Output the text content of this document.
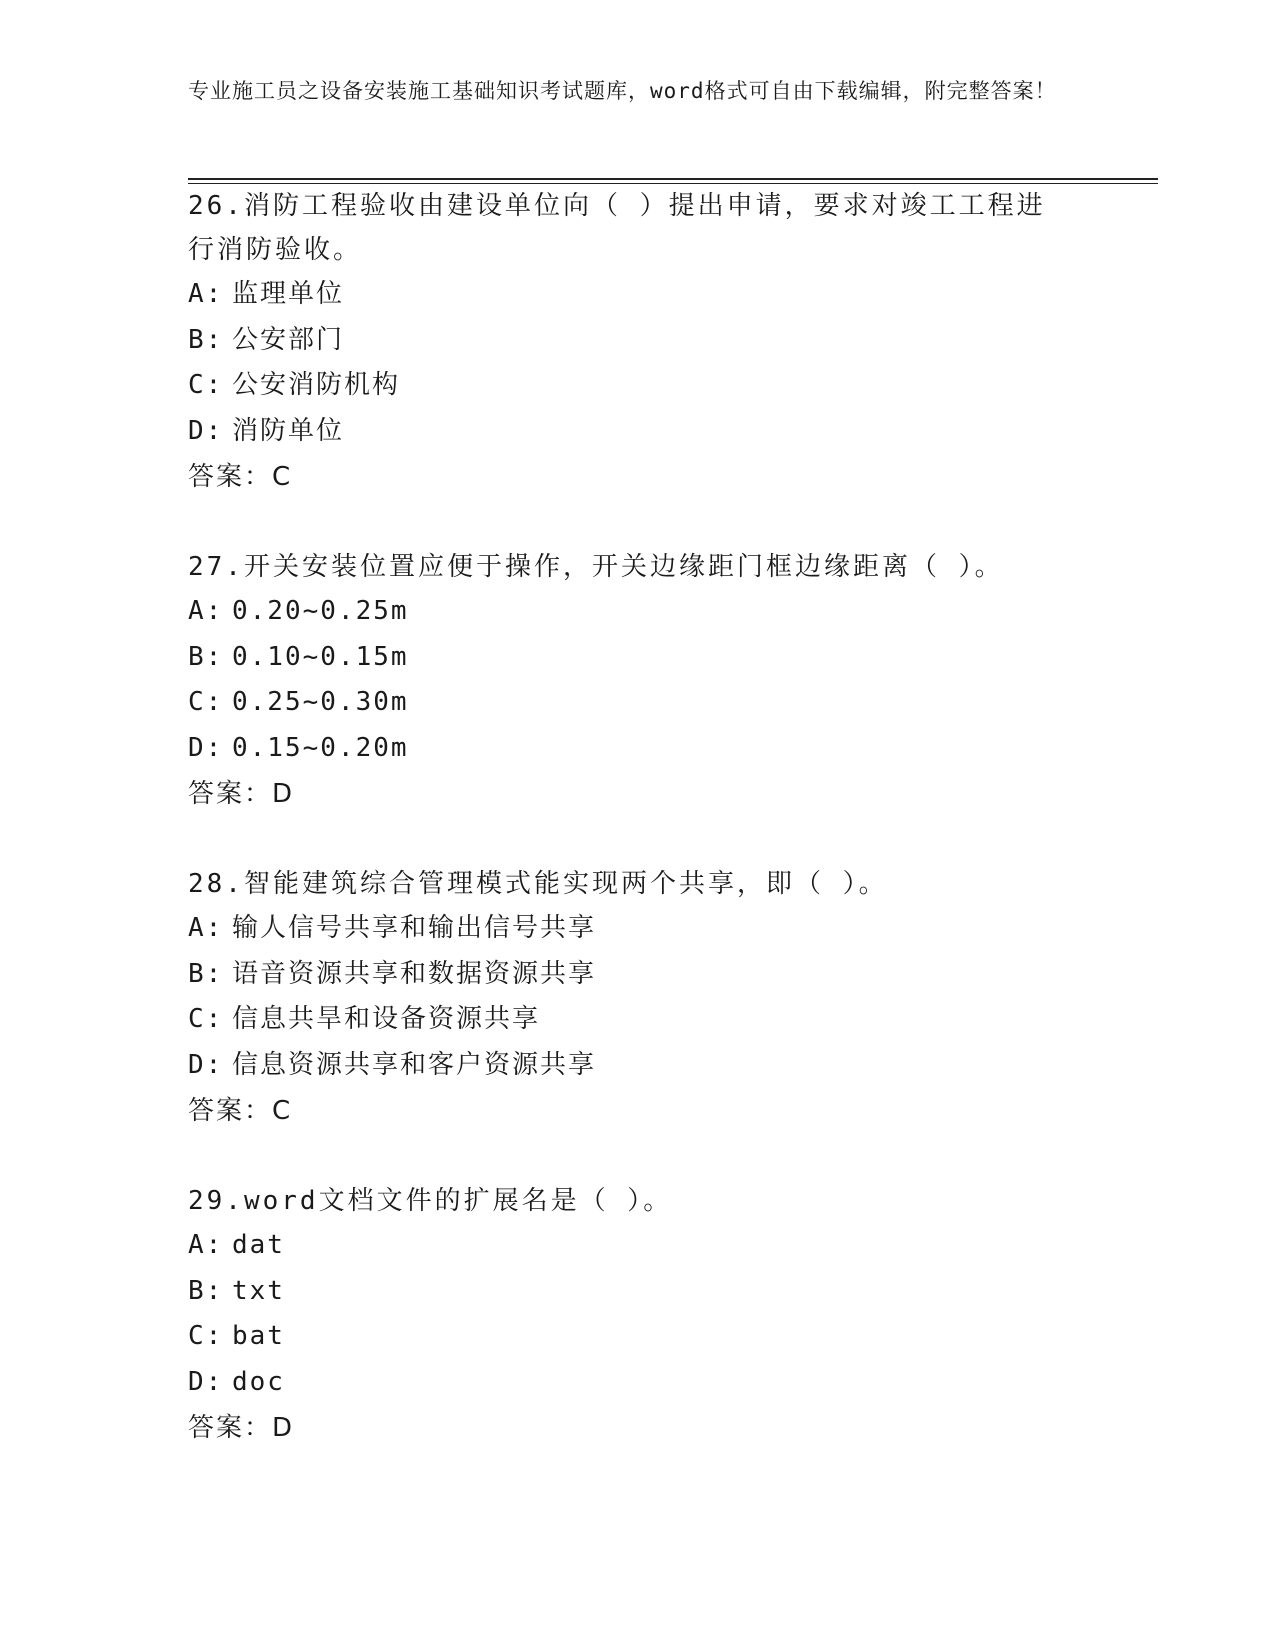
专业施工员之设备安装施工基础知识考试题库，word格式可自由下载编辑，附完整答案！

26.消防工程验收由建设单位向（ ）提出申请，要求对竣工工程进行消防验收。

A: 监理单位

B: 公安部门

C: 公安消防机构

D: 消防单位

答案：C

27.开关安装位置应便于操作，开关边缘距门框边缘距离（ ）。

A: 0.20~0.25m

B: 0.10~0.15m

C: 0.25~0.30m

D: 0.15~0.20m

答案：D

28.智能建筑综合管理模式能实现两个共享，即（ ）。

A: 输人信号共享和输出信号共享

B: 语音资源共享和数据资源共享

C: 信息共旱和设备资源共享

D: 信息资源共享和客户资源共享

答案：C

29.word文档文件的扩展名是（ ）。

A: dat

B: txt

C: bat

D: doc

答案：D
